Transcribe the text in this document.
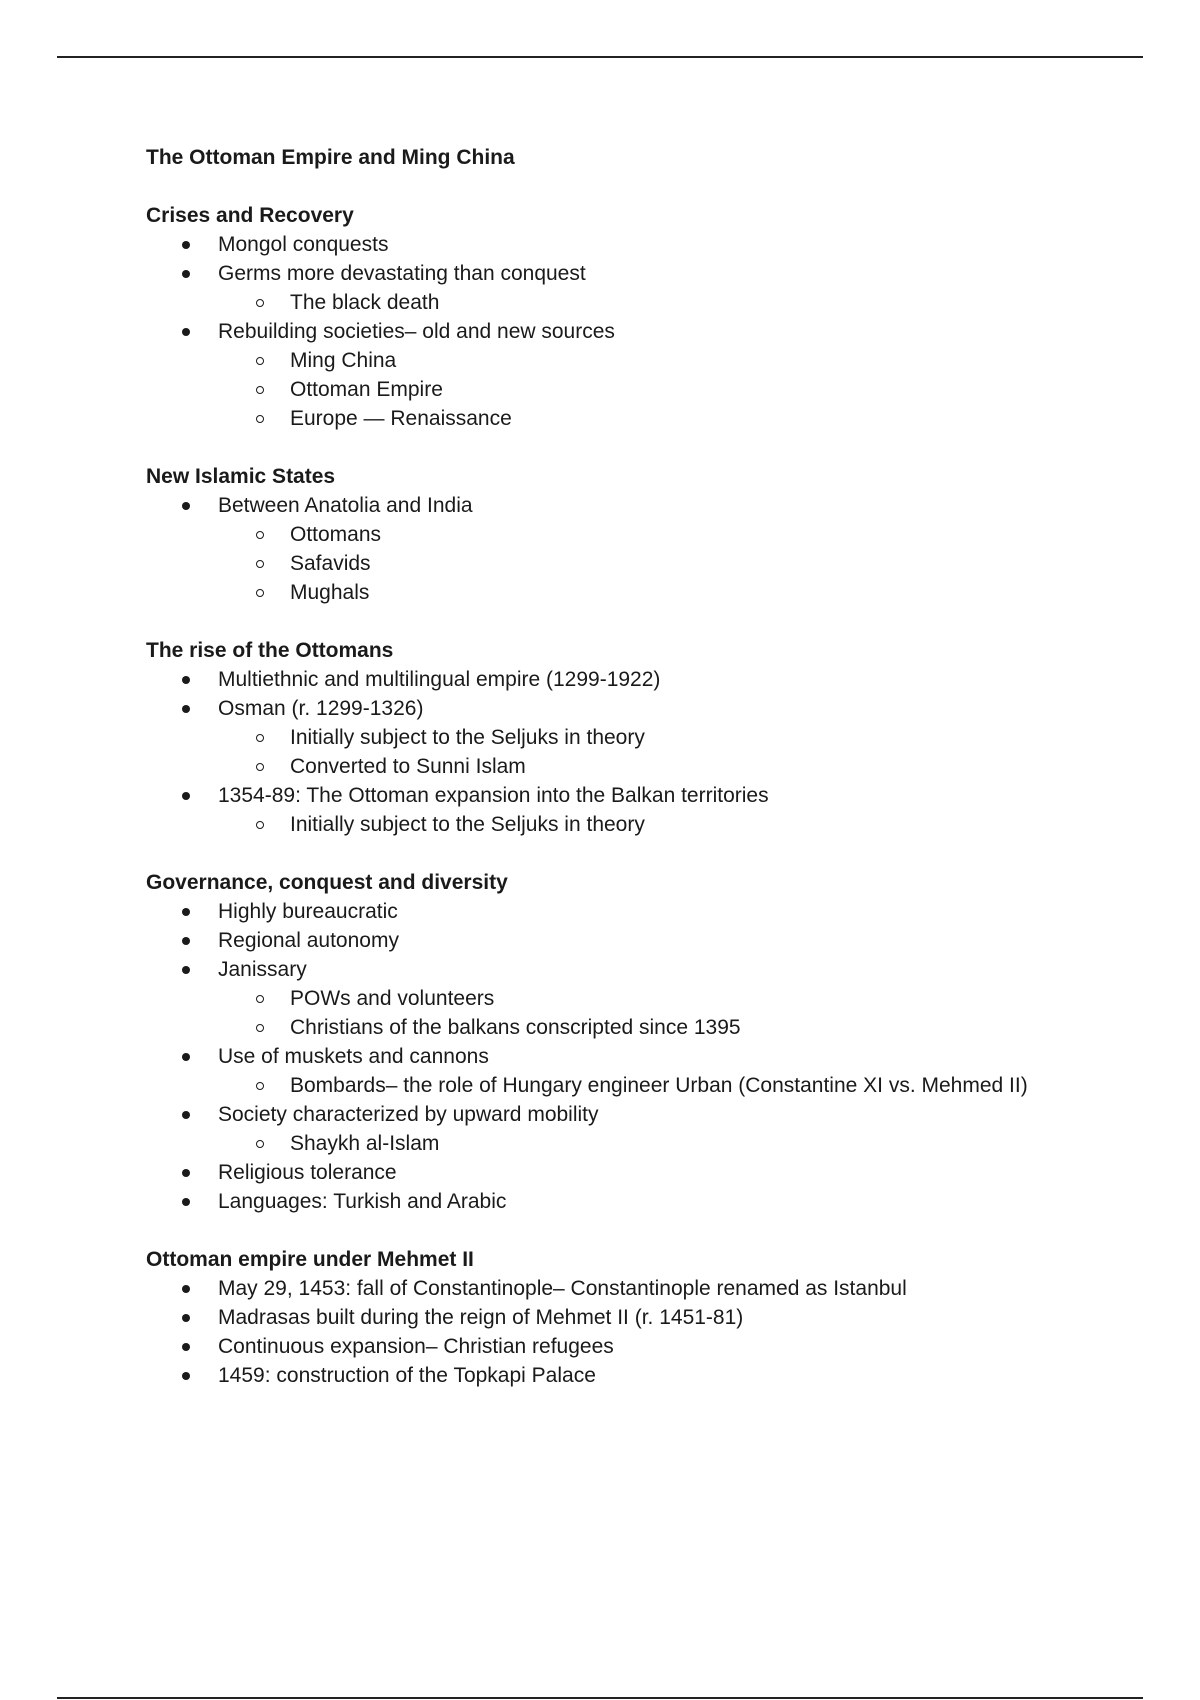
The Ottoman Empire and Ming China

Crises and Recovery

Mongol conquests
Germs more devastating than conquest
The black death
Rebuilding societies– old and new sources
Ming China
Ottoman Empire
Europe — Renaissance

New Islamic States

Between Anatolia and India
Ottomans
Safavids
Mughals

The rise of the Ottomans

Multiethnic and multilingual empire (1299-1922)
Osman (r. 1299-1326)
Initially subject to the Seljuks in theory
Converted to Sunni Islam
1354-89: The Ottoman expansion into the Balkan territories
Initially subject to the Seljuks in theory

Governance, conquest and diversity

Highly bureaucratic
Regional autonomy
Janissary
POWs and volunteers
Christians of the balkans conscripted since 1395
Use of muskets and cannons
Bombards– the role of Hungary engineer Urban (Constantine XI vs. Mehmed II)
Society characterized by upward mobility
Shaykh al-Islam
Religious tolerance
Languages: Turkish and Arabic

Ottoman empire under Mehmet II

May 29, 1453: fall of Constantinople– Constantinople renamed as Istanbul
Madrasas built during the reign of Mehmet II (r. 1451-81)
Continuous expansion– Christian refugees
1459: construction of the Topkapi Palace
